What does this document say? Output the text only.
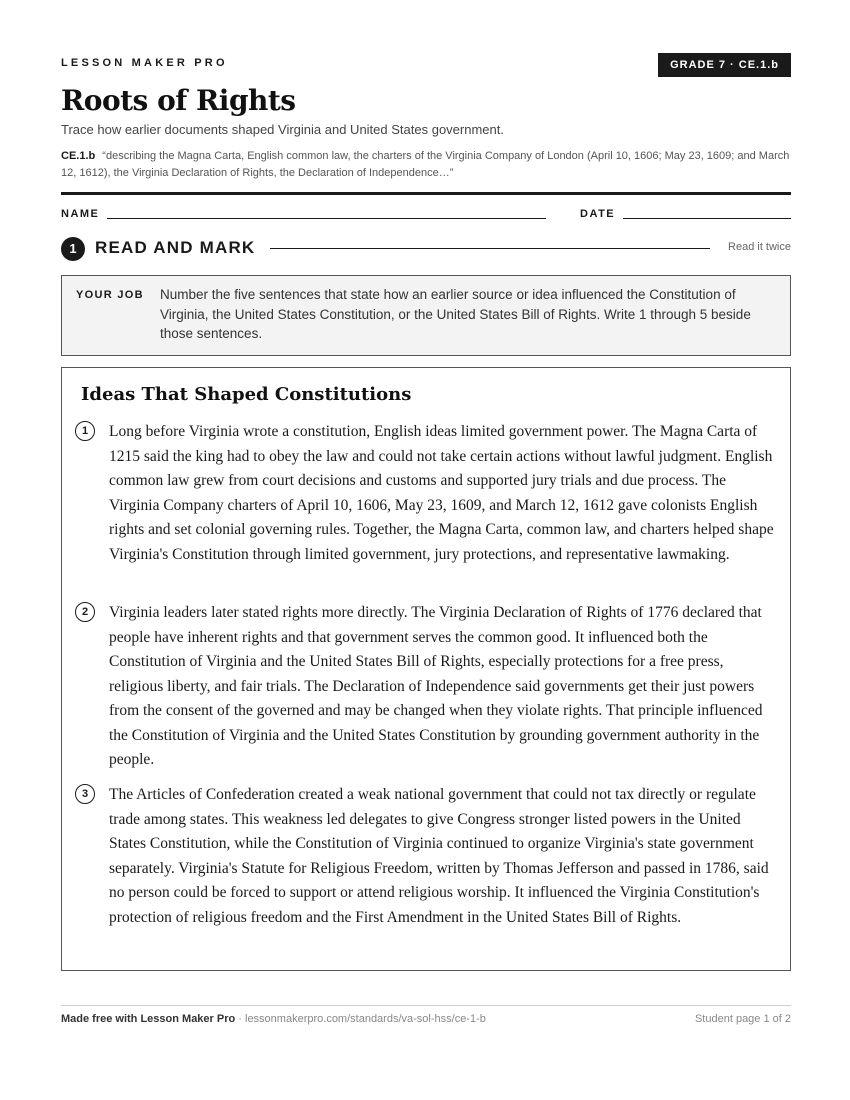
LESSON MAKER PRO	GRADE 7 · CE.1.b
Roots of Rights
Trace how earlier documents shaped Virginia and United States government.
CE.1.b “describing the Magna Carta, English common law, the charters of the Virginia Company of London (April 10, 1606; May 23, 1609; and March 12, 1612), the Virginia Declaration of Rights, the Declaration of Independence…”
NAME	DATE
1	READ AND MARK	Read it twice
YOUR JOB Number the five sentences that state how an earlier source or idea influenced the Constitution of Virginia, the United States Constitution, or the United States Bill of Rights. Write 1 through 5 beside those sentences.
Ideas That Shaped Constitutions
1	Long before Virginia wrote a constitution, English ideas limited government power. The Magna Carta of 1215 said the king had to obey the law and could not take certain actions without lawful judgment. English common law grew from court decisions and customs and supported jury trials and due process. The Virginia Company charters of April 10, 1606, May 23, 1609, and March 12, 1612 gave colonists English rights and set colonial governing rules. Together, the Magna Carta, common law, and charters helped shape Virginia's Constitution through limited government, jury protections, and representative lawmaking.

2	Virginia leaders later stated rights more directly. The Virginia Declaration of Rights of 1776 declared that people have inherent rights and that government serves the common good. It influenced both the Constitution of Virginia and the United States Bill of Rights, especially protections for a free press, religious liberty, and fair trials. The Declaration of Independence said governments get their just powers from the consent of the governed and may be changed when they violate rights. That principle influenced the Constitution of Virginia and the United States Constitution by grounding government authority in the people.

3	The Articles of Confederation created a weak national government that could not tax directly or regulate trade among states. This weakness led delegates to give Congress stronger listed powers in the United States Constitution, while the Constitution of Virginia continued to organize Virginia's state government separately. Virginia's Statute for Religious Freedom, written by Thomas Jefferson and passed in 1786, said no person could be forced to support or attend religious worship. It influenced the Virginia Constitution's protection of religious freedom and the First Amendment in the United States Bill of Rights.

Made free with Lesson Maker Pro · lessonmakerpro.com/standards/va-sol-hss/ce-1-b	Student page 1 of 2
